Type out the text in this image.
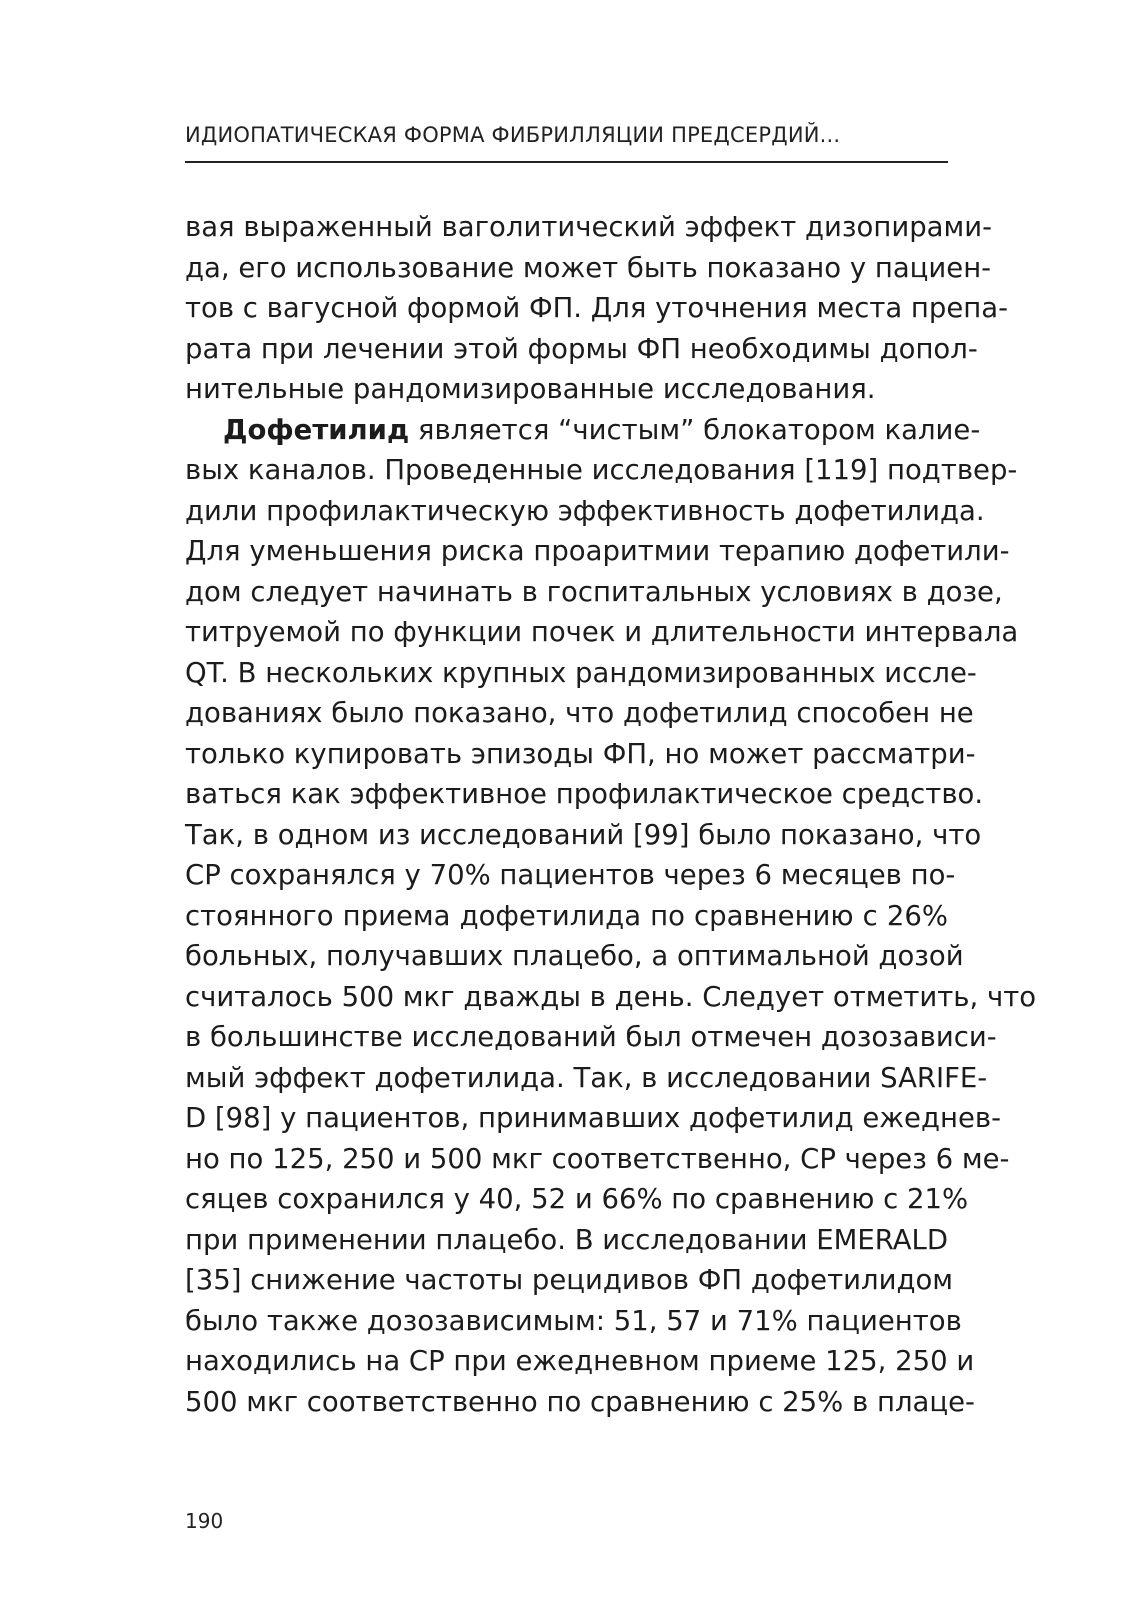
ИДИОПАТИЧЕСКАЯ ФОРМА ФИБРИЛЛЯЦИИ ПРЕДСЕРДИЙ...
вая выраженный ваголитический эффект дизопирами-
да, его использование может быть показано у пациен-
тов с вагусной формой ФП. Для уточнения места препа-
рата при лечении этой формы ФП необходимы допол-
нительные рандомизированные исследования.
Дофетилид является “чистым” блокатором калие-
вых каналов. Проведенные исследования [119] подтвер-
дили профилактическую эффективность дофетилида.
Для уменьшения риска проаритмии терапию дофетили-
дом следует начинать в госпитальных условиях в дозе,
титруемой по функции почек и длительности интервала
QT. В нескольких крупных рандомизированных иссле-
дованиях было показано, что дофетилид способен не
только купировать эпизоды ФП, но может рассматри-
ваться как эффективное профилактическое средство.
Так, в одном из исследований [99] было показано, что
СР сохранялся у 70% пациентов через 6 месяцев по-
стоянного приема дофетилида по сравнению с 26%
больных, получавших плацебо, а оптимальной дозой
считалось 500 мкг дважды в день. Следует отметить, что
в большинстве исследований был отмечен дозозависи-
мый эффект дофетилида. Так, в исследовании SARIFE-
D [98] у пациентов, принимавших дофетилид ежеднев-
но по 125, 250 и 500 мкг соответственно, СР через 6 ме-
сяцев сохранился у 40, 52 и 66% по сравнению с 21%
при применении плацебо. В исследовании EMERALD
[35] снижение частоты рецидивов ФП дофетилидом
было также дозозависимым: 51, 57 и 71% пациентов
находились на СР при ежедневном приеме 125, 250 и
500 мкг соответственно по сравнению с 25% в плаце-
190
